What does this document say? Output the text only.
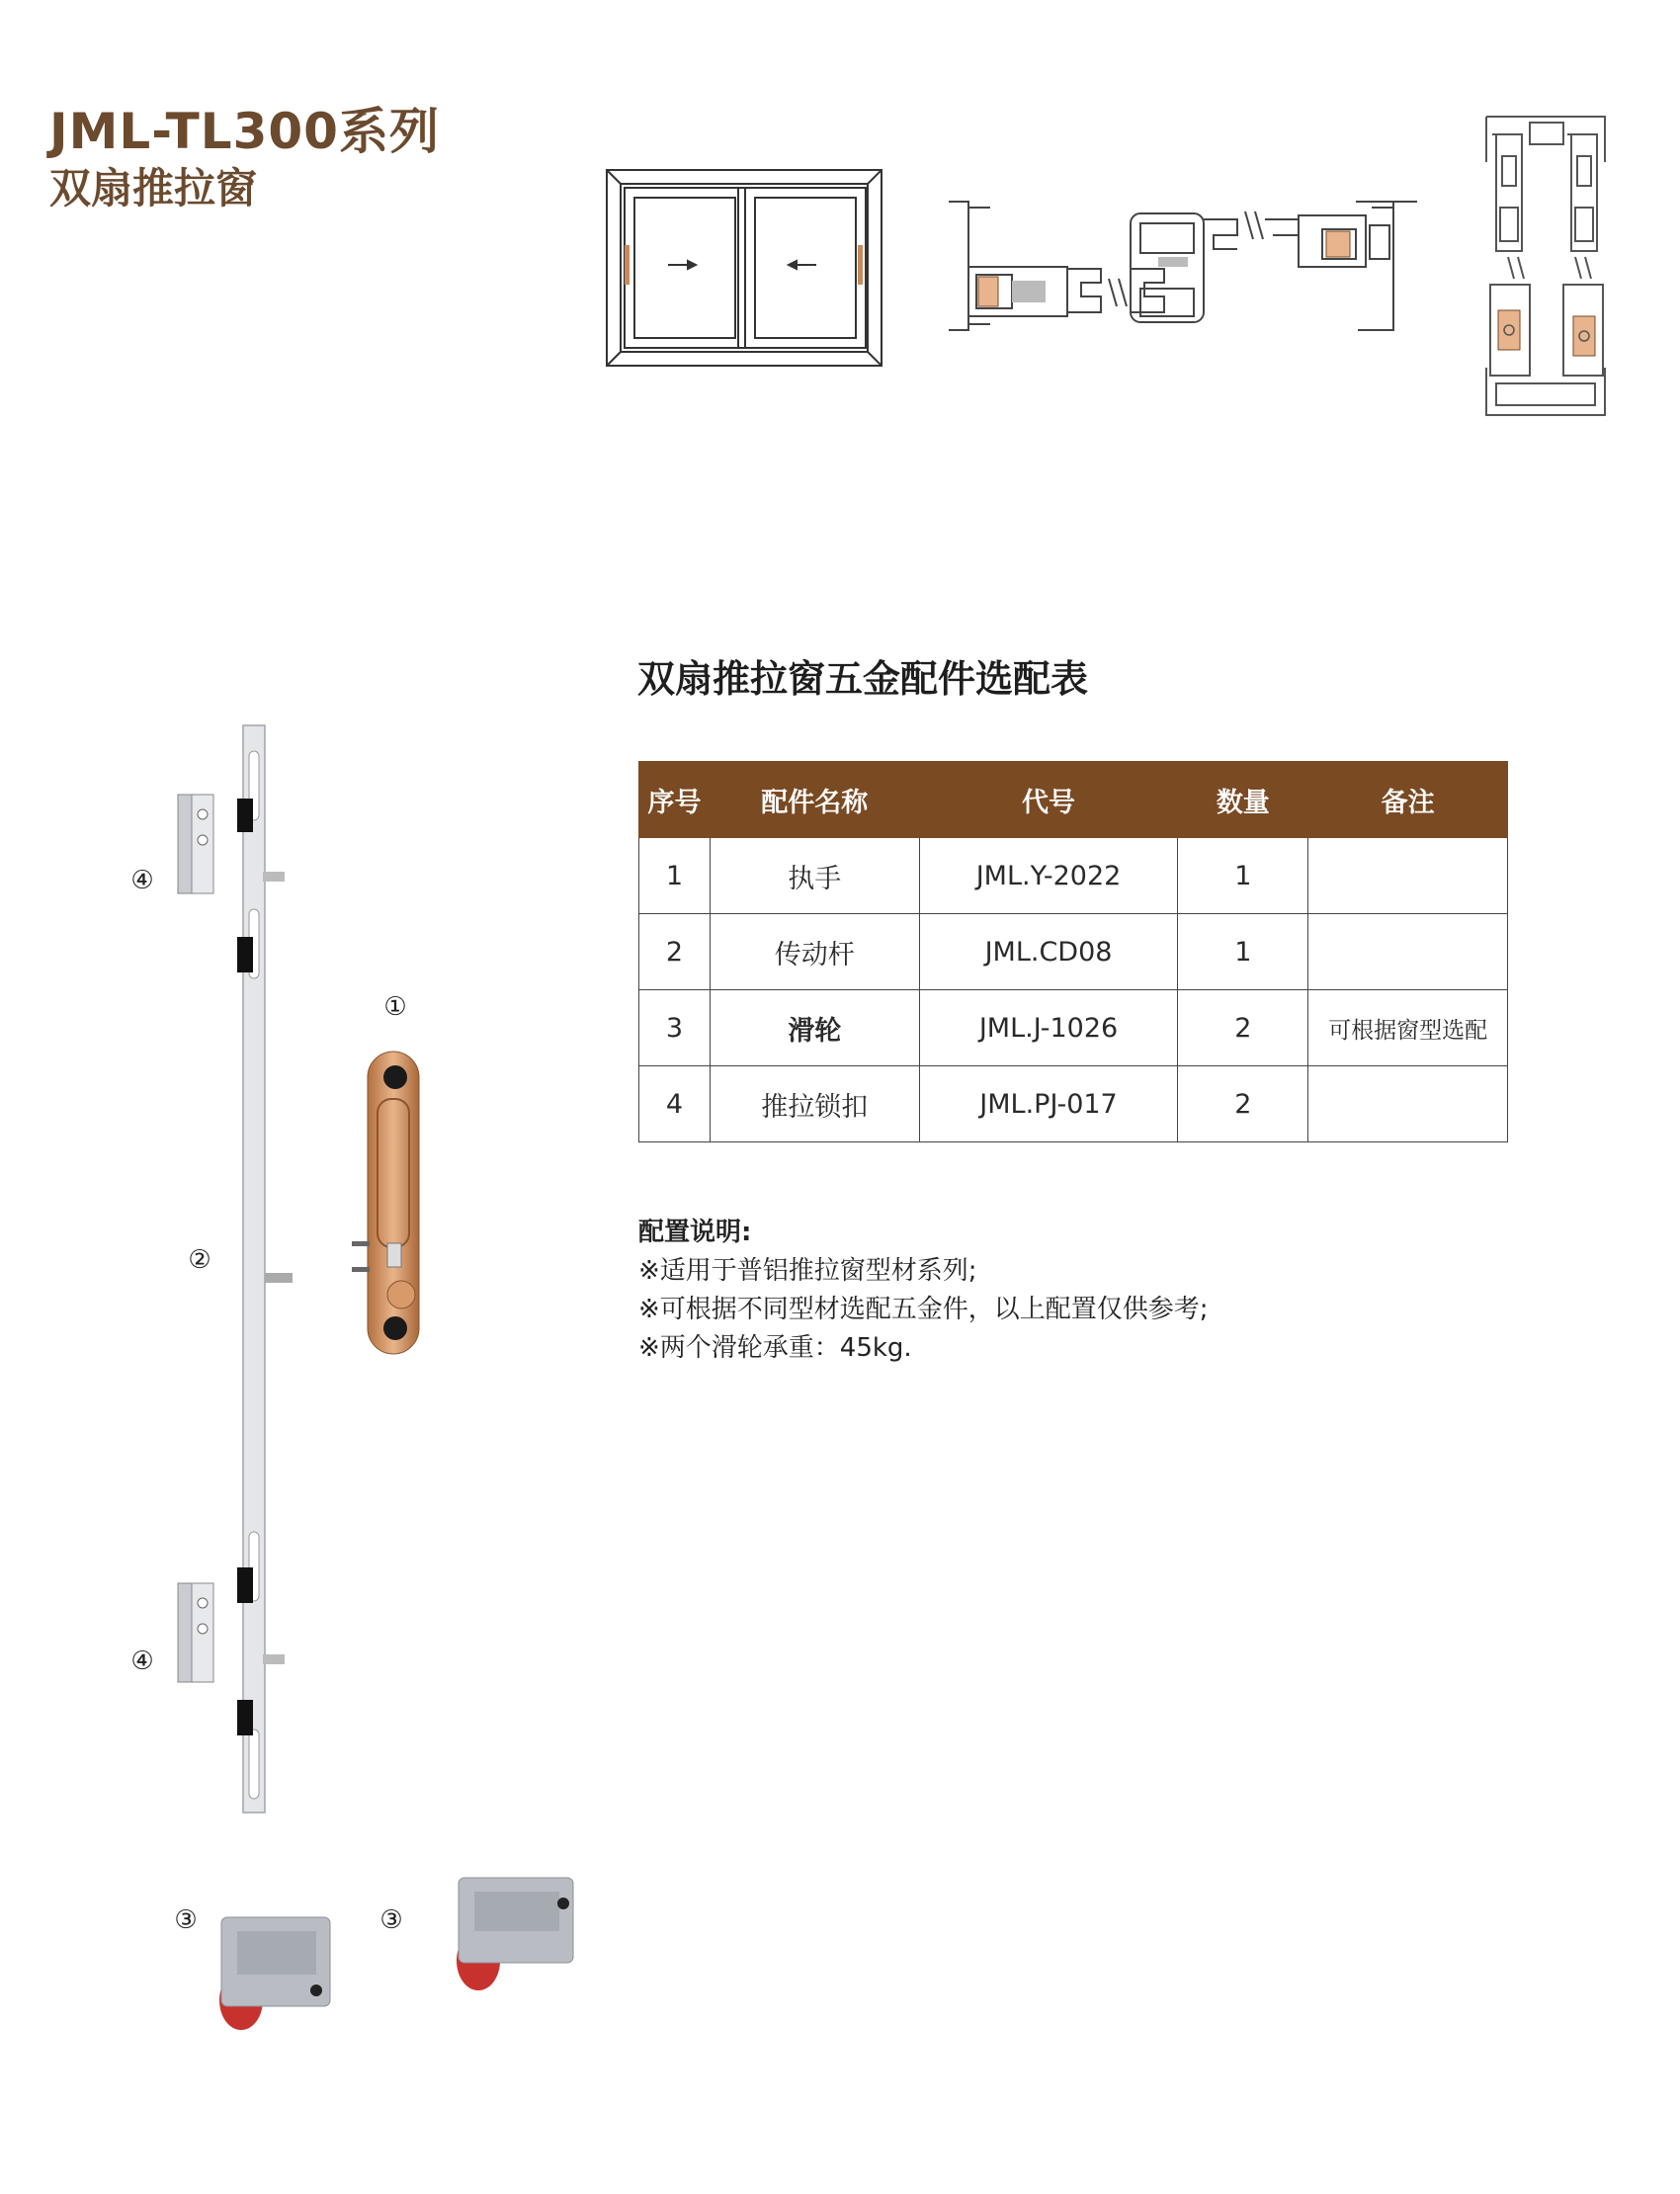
JML-TL300系列
双扇推拉窗
双扇推拉窗五金配件选配表
序号	配件名称	代号	数量	备注
1	执手	JML.Y-2022	1	
2	传动杆	JML.CD08	1	
3	滑轮	JML.J-1026	2	可根据窗型选配
4	推拉锁扣	JML.PJ-017	2	
配置说明:
※适用于普铝推拉窗型材系列;
※可根据不同型材选配五金件，以上配置仅供参考;
※两个滑轮承重：45kg.
④
①
②
④
③	③
